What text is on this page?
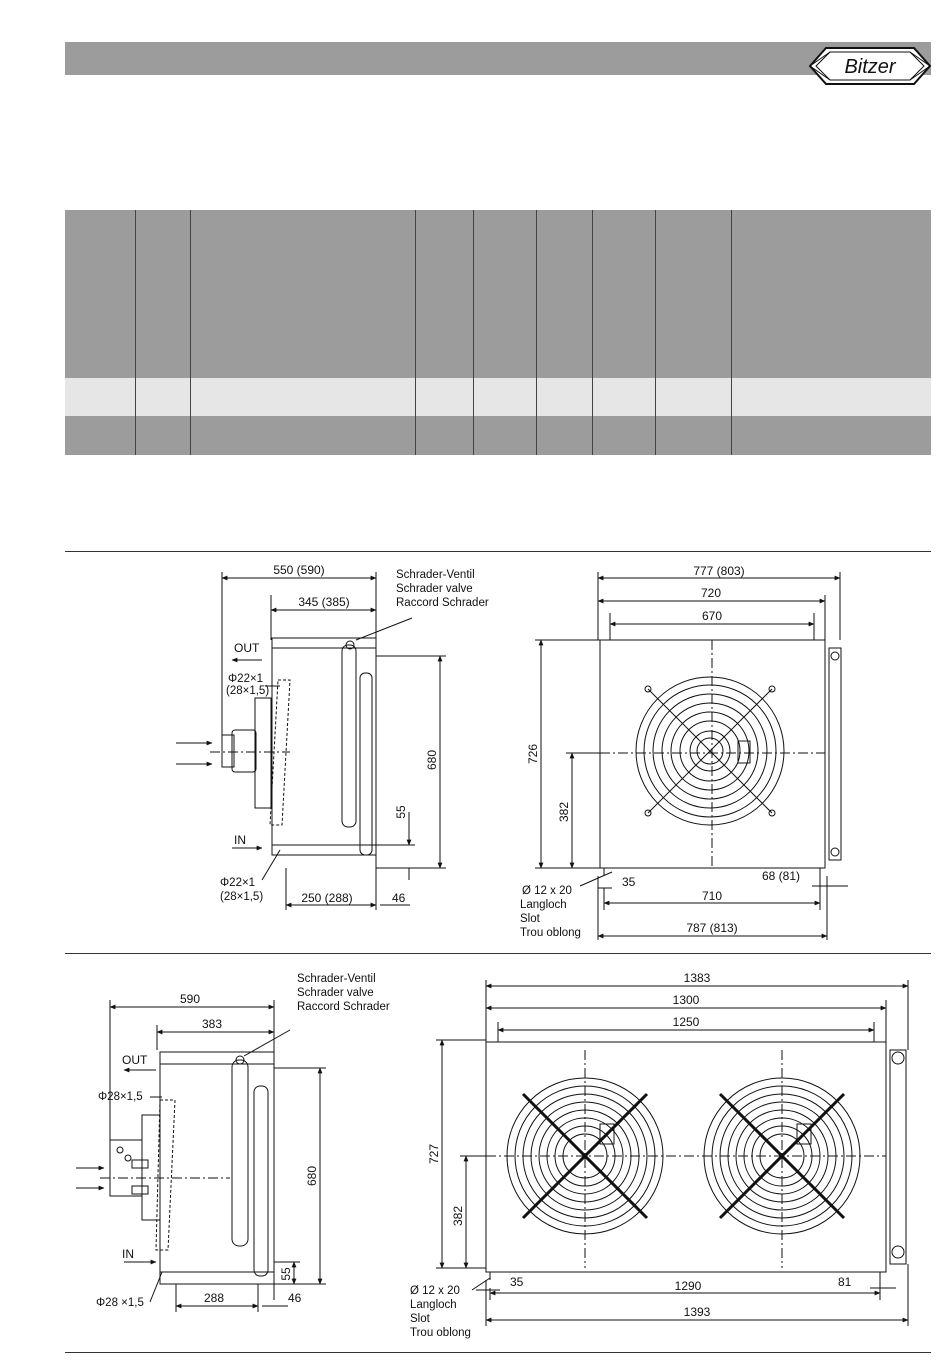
Bitzer
550 (590)
345 (385)
Schrader-Ventil
Schrader valve
Raccord Schrader
OUT
IN
Φ22×1
(28×1,5)
Φ22×1
(28×1,5)
680
55
250 (288)	46
777 (803)
720
670
726
382
Ø 12 x 20
Langloch
Slot
Trou oblong
35
710
68 (81)
787 (813)
590
383
Schrader-Ventil
Schrader valve
Raccord Schrader
OUT
IN
Φ28×1,5
Φ28 ×1,5
680
55
288	46
1383
1300
1250
727
382
Ø 12 x 20
Langloch
Slot
Trou oblong
35	1290	81
1393
